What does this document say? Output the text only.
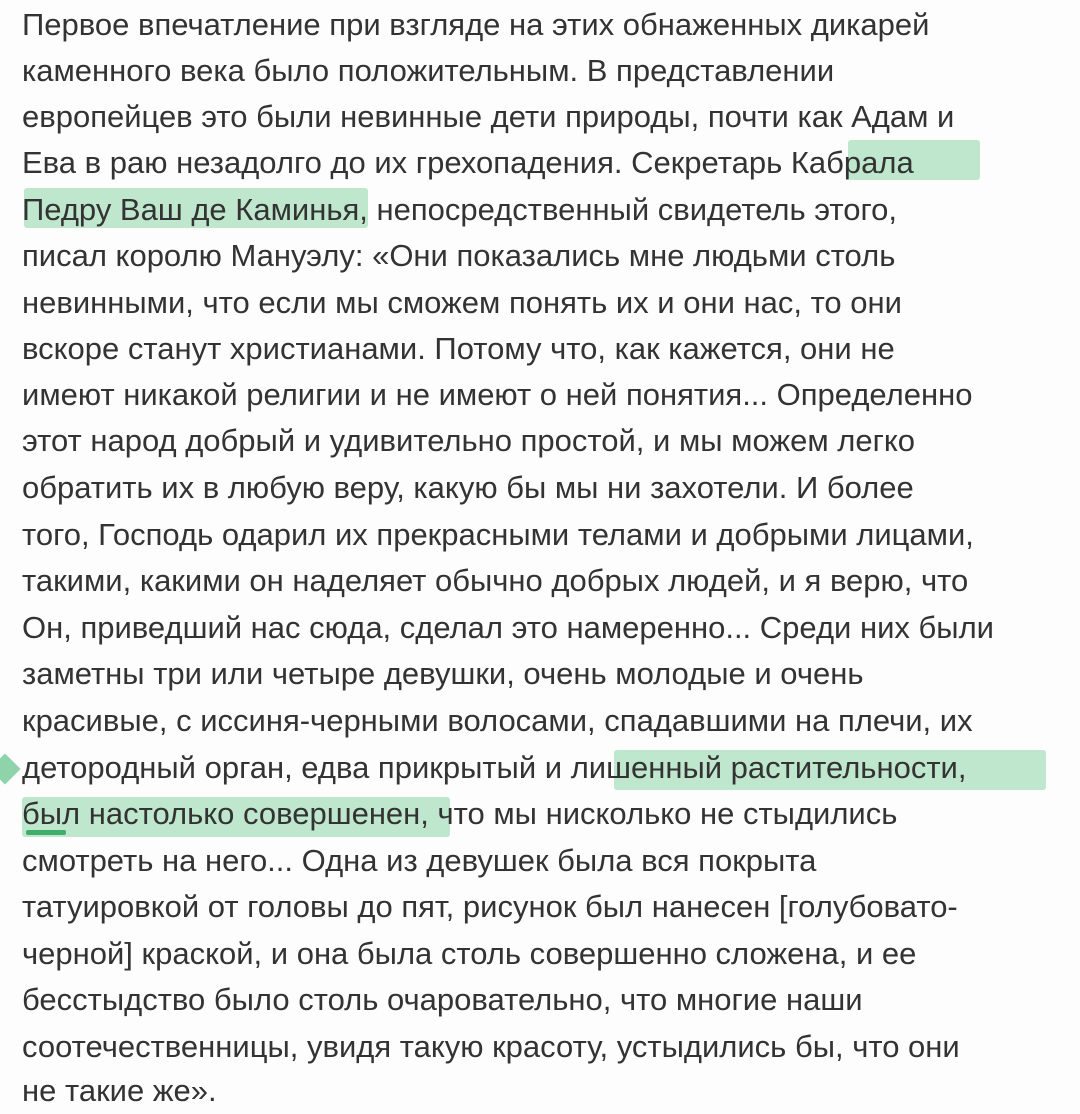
Первое впечатление при взгляде на этих обнаженных дикарей
каменного века было положительным. В представлении
европейцев это были невинные дети природы, почти как Адам и
Ева в раю незадолго до их грехопадения. Секретарь Кабрала
Педру Ваш де Каминья, непосредственный свидетель этого,
писал королю Мануэлу: «Они показались мне людьми столь
невинными, что если мы сможем понять их и они нас, то они
вскоре станут христианами. Потому что, как кажется, они не
имеют никакой религии и не имеют о ней понятия... Определенно
этот народ добрый и удивительно простой, и мы можем легко
обратить их в любую веру, какую бы мы ни захотели. И более
того, Господь одарил их прекрасными телами и добрыми лицами,
такими, какими он наделяет обычно добрых людей, и я верю, что
Он, приведший нас сюда, сделал это намеренно... Среди них были
заметны три или четыре девушки, очень молодые и очень
красивые, с иссиня-черными волосами, спадавшими на плечи, их
детородный орган, едва прикрытый и лишенный растительности,
был настолько совершенен, что мы нисколько не стыдились
смотреть на него... Одна из девушек была вся покрыта
татуировкой от головы до пят, рисунок был нанесен [голубовато-
черной] краской, и она была столь совершенно сложена, и ее
бесстыдство было столь очаровательно, что многие наши
соотечественницы, увидя такую красоту, устыдились бы, что они
не такие же».
